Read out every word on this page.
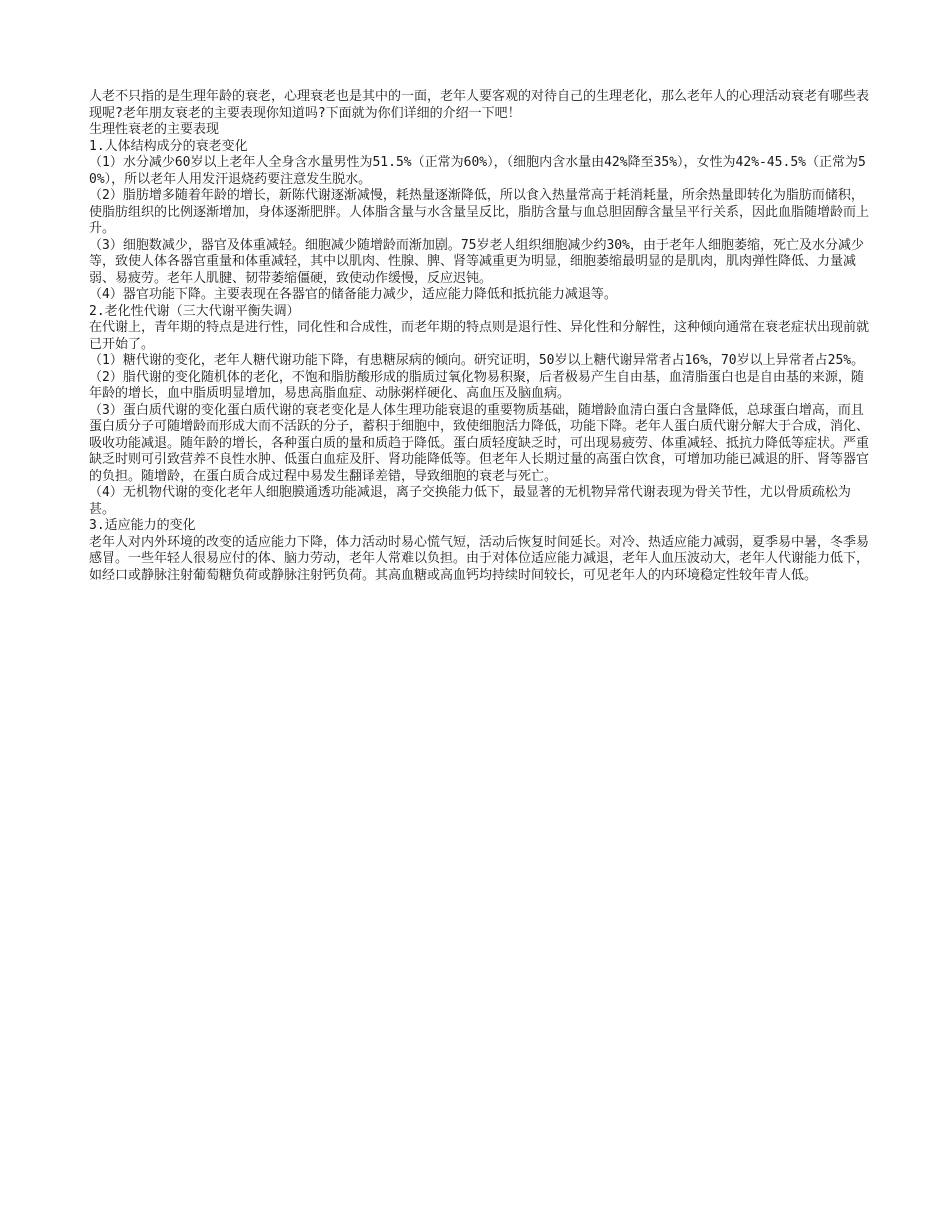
人老不只指的是生理年龄的衰老，心理衰老也是其中的一面，老年人要客观的对待自己的生理老化，那么老年人的心理活动衰老有哪些表现呢?老年朋友衰老的主要表现你知道吗?下面就为你们详细的介绍一下吧！

生理性衰老的主要表现

1.人体结构成分的衰老变化

（1）水分减少60岁以上老年人全身含水量男性为51.5%（正常为60%），（细胞内含水量由42%降至35%），女性为42%-45.5%（正常为50%），所以老年人用发汗退烧药要注意发生脱水。

（2）脂肪增多随着年龄的增长，新陈代谢逐渐减慢，耗热量逐渐降低，所以食入热量常高于耗消耗量，所余热量即转化为脂肪而储积，使脂肪组织的比例逐渐增加，身体逐渐肥胖。人体脂含量与水含量呈反比，脂肪含量与血总胆固醇含量呈平行关系，因此血脂随增龄而上升。

（3）细胞数减少，器官及体重减轻。细胞减少随增龄而渐加剧。75岁老人组织细胞减少约30%，由于老年人细胞萎缩，死亡及水分减少等，致使人体各器官重量和体重减轻，其中以肌肉、性腺、脾、肾等减重更为明显，细胞萎缩最明显的是肌肉，肌肉弹性降低、力量减弱、易疲劳。老年人肌腱、韧带萎缩僵硬，致使动作缓慢，反应迟钝。

（4）器官功能下降。主要表现在各器官的储备能力减少，适应能力降低和抵抗能力减退等。

2.老化性代谢（三大代谢平衡失调）

在代谢上，青年期的特点是进行性，同化性和合成性，而老年期的特点则是退行性、异化性和分解性，这种倾向通常在衰老症状出现前就已开始了。

（1）糖代谢的变化，老年人糖代谢功能下降，有患糖尿病的倾向。研究证明，50岁以上糖代谢异常者占16%，70岁以上异常者占25%。

（2）脂代谢的变化随机体的老化，不饱和脂肪酸形成的脂质过氧化物易积聚，后者极易产生自由基，血清脂蛋白也是自由基的来源，随年龄的增长，血中脂质明显增加，易患高脂血症、动脉粥样硬化、高血压及脑血病。

（3）蛋白质代谢的变化蛋白质代谢的衰老变化是人体生理功能衰退的重要物质基础，随增龄血清白蛋白含量降低，总球蛋白增高，而且蛋白质分子可随增龄而形成大而不活跃的分子，蓄积于细胞中，致使细胞活力降低，功能下降。老年人蛋白质代谢分解大于合成，消化、吸收功能减退。随年龄的增长，各种蛋白质的量和质趋于降低。蛋白质轻度缺乏时，可出现易疲劳、体重减轻、抵抗力降低等症状。严重缺乏时则可引致营养不良性水肿、低蛋白血症及肝、肾功能降低等。但老年人长期过量的高蛋白饮食，可增加功能已减退的肝、肾等器官的负担。随增龄，在蛋白质合成过程中易发生翻译差错，导致细胞的衰老与死亡。

（4）无机物代谢的变化老年人细胞膜通透功能减退，离子交换能力低下，最显著的无机物异常代谢表现为骨关节性，尤以骨质疏松为甚。

3.适应能力的变化

老年人对内外环境的改变的适应能力下降，体力活动时易心慌气短，活动后恢复时间延长。对冷、热适应能力减弱，夏季易中暑，冬季易感冒。一些年轻人很易应付的体、脑力劳动，老年人常难以负担。由于对体位适应能力减退，老年人血压波动大，老年人代谢能力低下，如经口或静脉注射葡萄糖负荷或静脉注射钙负荷。其高血糖或高血钙均持续时间较长，可见老年人的内环境稳定性较年青人低。
